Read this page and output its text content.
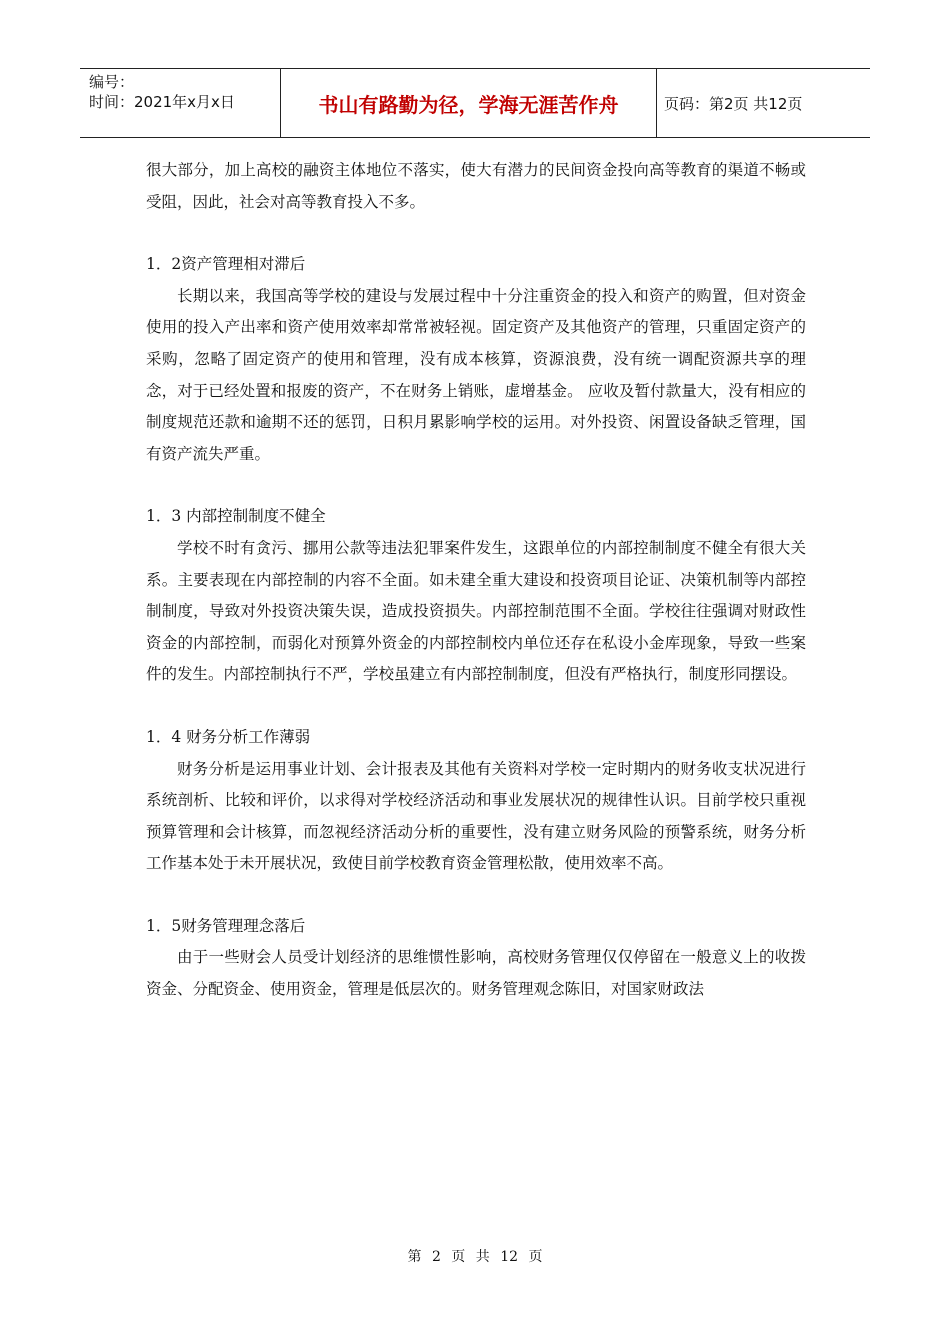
编号：
时间：2021年x月x日	书山有路勤为径，学海无涯苦作舟	页码：第2页 共12页

很大部分，加上高校的融资主体地位不落实，使大有潜力的民间资金投向高等教育的渠道不畅或受阻，因此，社会对高等教育投入不多。

1．2资产管理相对滞后

长期以来，我国高等学校的建设与发展过程中十分注重资金的投入和资产的购置，但对资金使用的投入产出率和资产使用效率却常常被轻视。固定资产及其他资产的管理，只重固定资产的采购，忽略了固定资产的使用和管理，没有成本核算，资源浪费，没有统一调配资源共享的理念，对于已经处置和报废的资产，不在财务上销账，虚增基金。 应收及暂付款量大，没有相应的制度规范还款和逾期不还的惩罚，日积月累影响学校的运用。对外投资、闲置设备缺乏管理，国有资产流失严重。

1．3 内部控制制度不健全

学校不时有贪污、挪用公款等违法犯罪案件发生，这跟单位的内部控制制度不健全有很大关系。主要表现在内部控制的内容不全面。如未建全重大建设和投资项目论证、决策机制等内部控制制度，导致对外投资决策失误，造成投资损失。内部控制范围不全面。学校往往强调对财政性资金的内部控制，而弱化对预算外资金的内部控制校内单位还存在私设小金库现象，导致一些案件的发生。内部控制执行不严，学校虽建立有内部控制制度，但没有严格执行，制度形同摆设。

1．4 财务分析工作薄弱

财务分析是运用事业计划、会计报表及其他有关资料对学校一定时期内的财务收支状况进行系统剖析、比较和评价，以求得对学校经济活动和事业发展状况的规律性认识。目前学校只重视预算管理和会计核算，而忽视经济活动分析的重要性，没有建立财务风险的预警系统，财务分析工作基本处于未开展状况，致使目前学校教育资金管理松散，使用效率不高。

1．5财务管理理念落后

由于一些财会人员受计划经济的思维惯性影响，高校财务管理仅仅停留在一般意义上的收拨资金、分配资金、使用资金，管理是低层次的。财务管理观念陈旧，对国家财政法

第 2 页 共 12 页
